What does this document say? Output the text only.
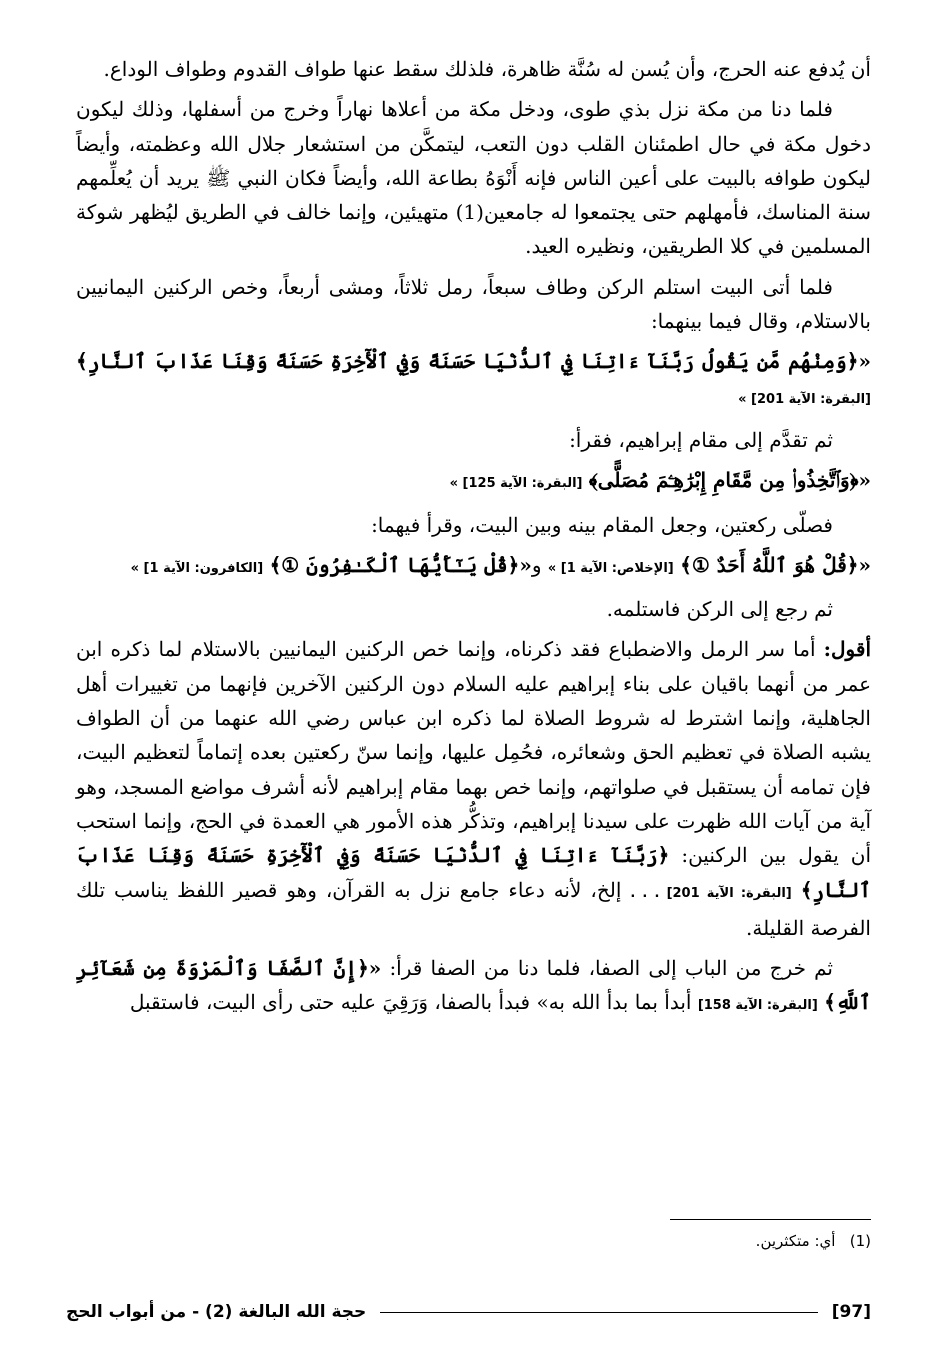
أن يُدفع عنه الحرج، وأن يُسن له سُنَّة ظاهرة، فلذلك سقط عنها طواف القدوم وطواف الوداع.

فلما دنا من مكة نزل بذي طوى، ودخل مكة من أعلاها نهاراً وخرج من أسفلها، وذلك ليكون دخول مكة في حال اطمئنان القلب دون التعب، ليتمكَّن من استشعار جلال الله وعظمته، وأيضاً ليكون طوافه بالبيت على أعين الناس فإنه أَنْوَهُ بطاعة الله، وأيضاً فكان النبي ﷺ يريد أن يُعلِّمهم سنة المناسك، فأمهلهم حتى يجتمعوا له جامعين(1) متهيئين، وإنما خالف في الطريق ليُظهر شوكة المسلمين في كلا الطريقين، ونظيره العيد.

فلما أتى البيت استلم الركن وطاف سبعاً، رمل ثلاثاً، ومشى أربعاً، وخص الركنين اليمانيين بالاستلام، وقال فيما بينهما:

«﴿وَمِنْهُم مَّن يَقُولُ رَبَّنَآ ءَاتِنَا فِي ٱلدُّنْيَا حَسَنَةً وَفِي ٱلْأٓخِرَةِ حَسَنَةً وَقِنَا عَذَابَ ٱلنَّارِ﴾ [البقرة: الآية 201] »

ثم تقدَّم إلى مقام إبراهيم، فقرأ:

«﴿وَٱتَّخِذُوا۟ مِن مَّقَامِ إِبْرَٰهِـۧمَ مُصَلًّى﴾ [البقرة: الآية 125] »

فصلّى ركعتين، وجعل المقام بينه وبين البيت، وقرأ فيهما:

«﴿قُلْ هُوَ ٱللَّهُ أَحَدٌ ①﴾ [الإخلاص: الآية 1] » و«﴿قُلْ يَـٰٓأَيُّهَا ٱلْكَـٰفِرُونَ ①﴾ [الكافرون: الآية 1] »

ثم رجع إلى الركن فاستلمه.

أقول: أما سر الرمل والاضطباع فقد ذكرناه، وإنما خص الركنين اليمانيين بالاستلام لما ذكره ابن عمر من أنهما باقيان على بناء إبراهيم عليه السلام دون الركنين الآخرين فإنهما من تغييرات أهل الجاهلية، وإنما اشترط له شروط الصلاة لما ذكره ابن عباس رضي الله عنهما من أن الطواف يشبه الصلاة في تعظيم الحق وشعائره، فحُمِل عليها، وإنما سنّ ركعتين بعده إتماماً لتعظيم البيت، فإن تمامه أن يستقبل في صلواتهم، وإنما خص بهما مقام إبراهيم لأنه أشرف مواضع المسجد، وهو آية من آيات الله ظهرت على سيدنا إبراهيم، وتذكُّر هذه الأمور هي العمدة في الحج، وإنما استحب أن يقول بين الركنين: ﴿رَبَّنَآ ءَاتِنَا فِي ٱلدُّنْيَا حَسَنَةً وَفِي ٱلْأٓخِرَةِ حَسَنَةً وَقِنَا عَذَابَ ٱلنَّارِ﴾ [البقرة: الآية 201] . . . إلخ، لأنه دعاء جامع نزل به القرآن، وهو قصير اللفظ يناسب تلك الفرصة القليلة.

ثم خرج من الباب إلى الصفا، فلما دنا من الصفا قرأ: «﴿إِنَّ ٱلصَّفَا وَٱلْمَرْوَةَ مِن شَعَآئِرِ ٱللَّهِ﴾ [البقرة: الآية 158] أبدأ بما بدأ الله به» فبدأ بالصفا، وَرَقِيَ عليه حتى رأى البيت، فاستقبل

(1)   أي: متكثرين.
[97]
حجة الله البالغة (2) - من أبواب الحج
